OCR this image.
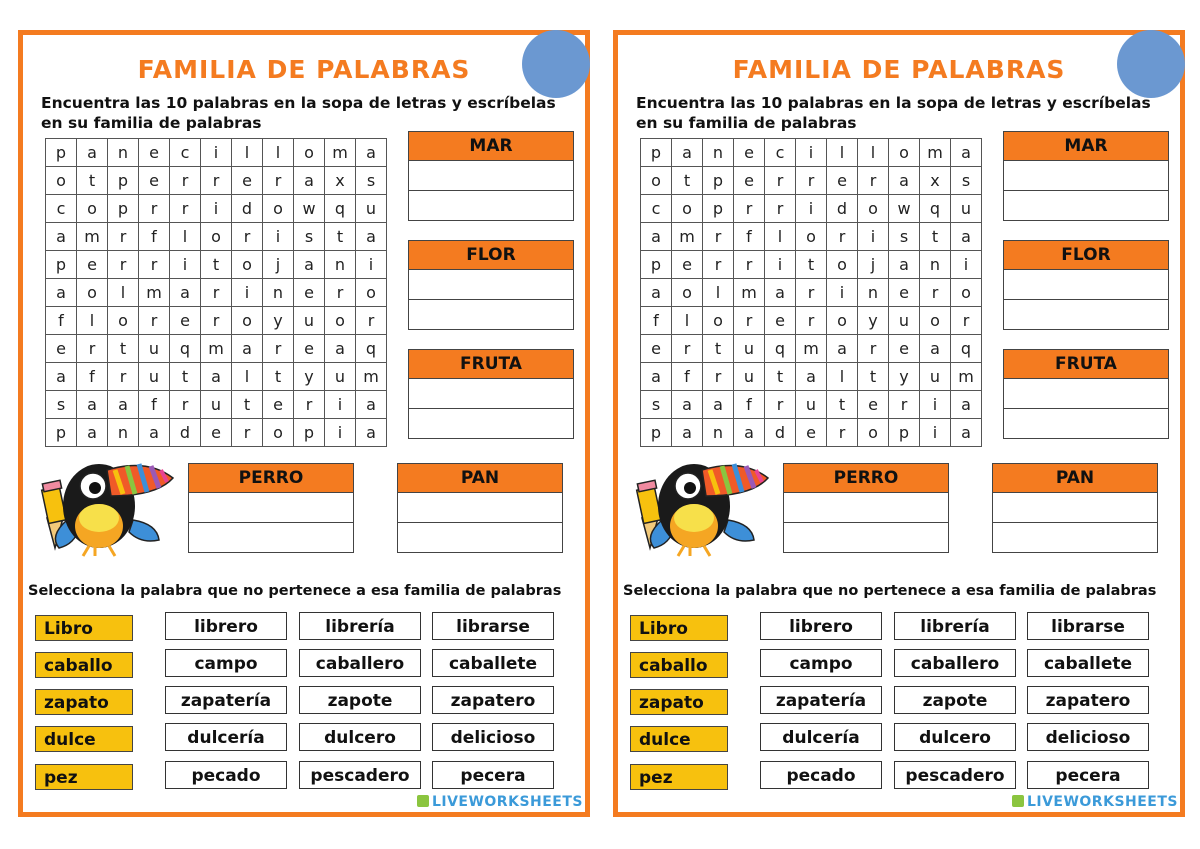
FAMILIA DE PALABRAS
Encuentra las 10 palabras en la sopa de letras y escríbelas en su familia de palabras
p	a	n	e	c	i	l	l	o	m	a
o	t	p	e	r	r	e	r	a	x	s
c	o	p	r	r	i	d	o	w	q	u
a	m	r	f	l	o	r	i	s	t	a
p	e	r	r	i	t	o	j	a	n	i
a	o	l	m	a	r	i	n	e	r	o
f	l	o	r	e	r	o	y	u	o	r
e	r	t	u	q	m	a	r	e	a	q
a	f	r	u	t	a	l	t	y	u	m
s	a	a	f	r	u	t	e	r	i	a
p	a	n	a	d	e	r	o	p	i	a
MAR
FLOR
FRUTA
PERRO	PAN
Selecciona la palabra que no pertenece a esa familia de palabras
Libro	librero	librería	librarse
caballo	campo	caballero	caballete
zapato	zapatería	zapote	zapatero
dulce	dulcería	dulcero	delicioso
pez	pecado	pescadero	pecera
LIVEWORKSHEETS
FAMILIA DE PALABRAS
Encuentra las 10 palabras en la sopa de letras y escríbelas en su familia de palabras
p	a	n	e	c	i	l	l	o	m	a
o	t	p	e	r	r	e	r	a	x	s
c	o	p	r	r	i	d	o	w	q	u
a	m	r	f	l	o	r	i	s	t	a
p	e	r	r	i	t	o	j	a	n	i
a	o	l	m	a	r	i	n	e	r	o
f	l	o	r	e	r	o	y	u	o	r
e	r	t	u	q	m	a	r	e	a	q
a	f	r	u	t	a	l	t	y	u	m
s	a	a	f	r	u	t	e	r	i	a
p	a	n	a	d	e	r	o	p	i	a
MAR
FLOR
FRUTA
PERRO	PAN
Selecciona la palabra que no pertenece a esa familia de palabras
Libro	librero	librería	librarse
caballo	campo	caballero	caballete
zapato	zapatería	zapote	zapatero
dulce	dulcería	dulcero	delicioso
pez	pecado	pescadero	pecera
LIVEWORKSHEETS
